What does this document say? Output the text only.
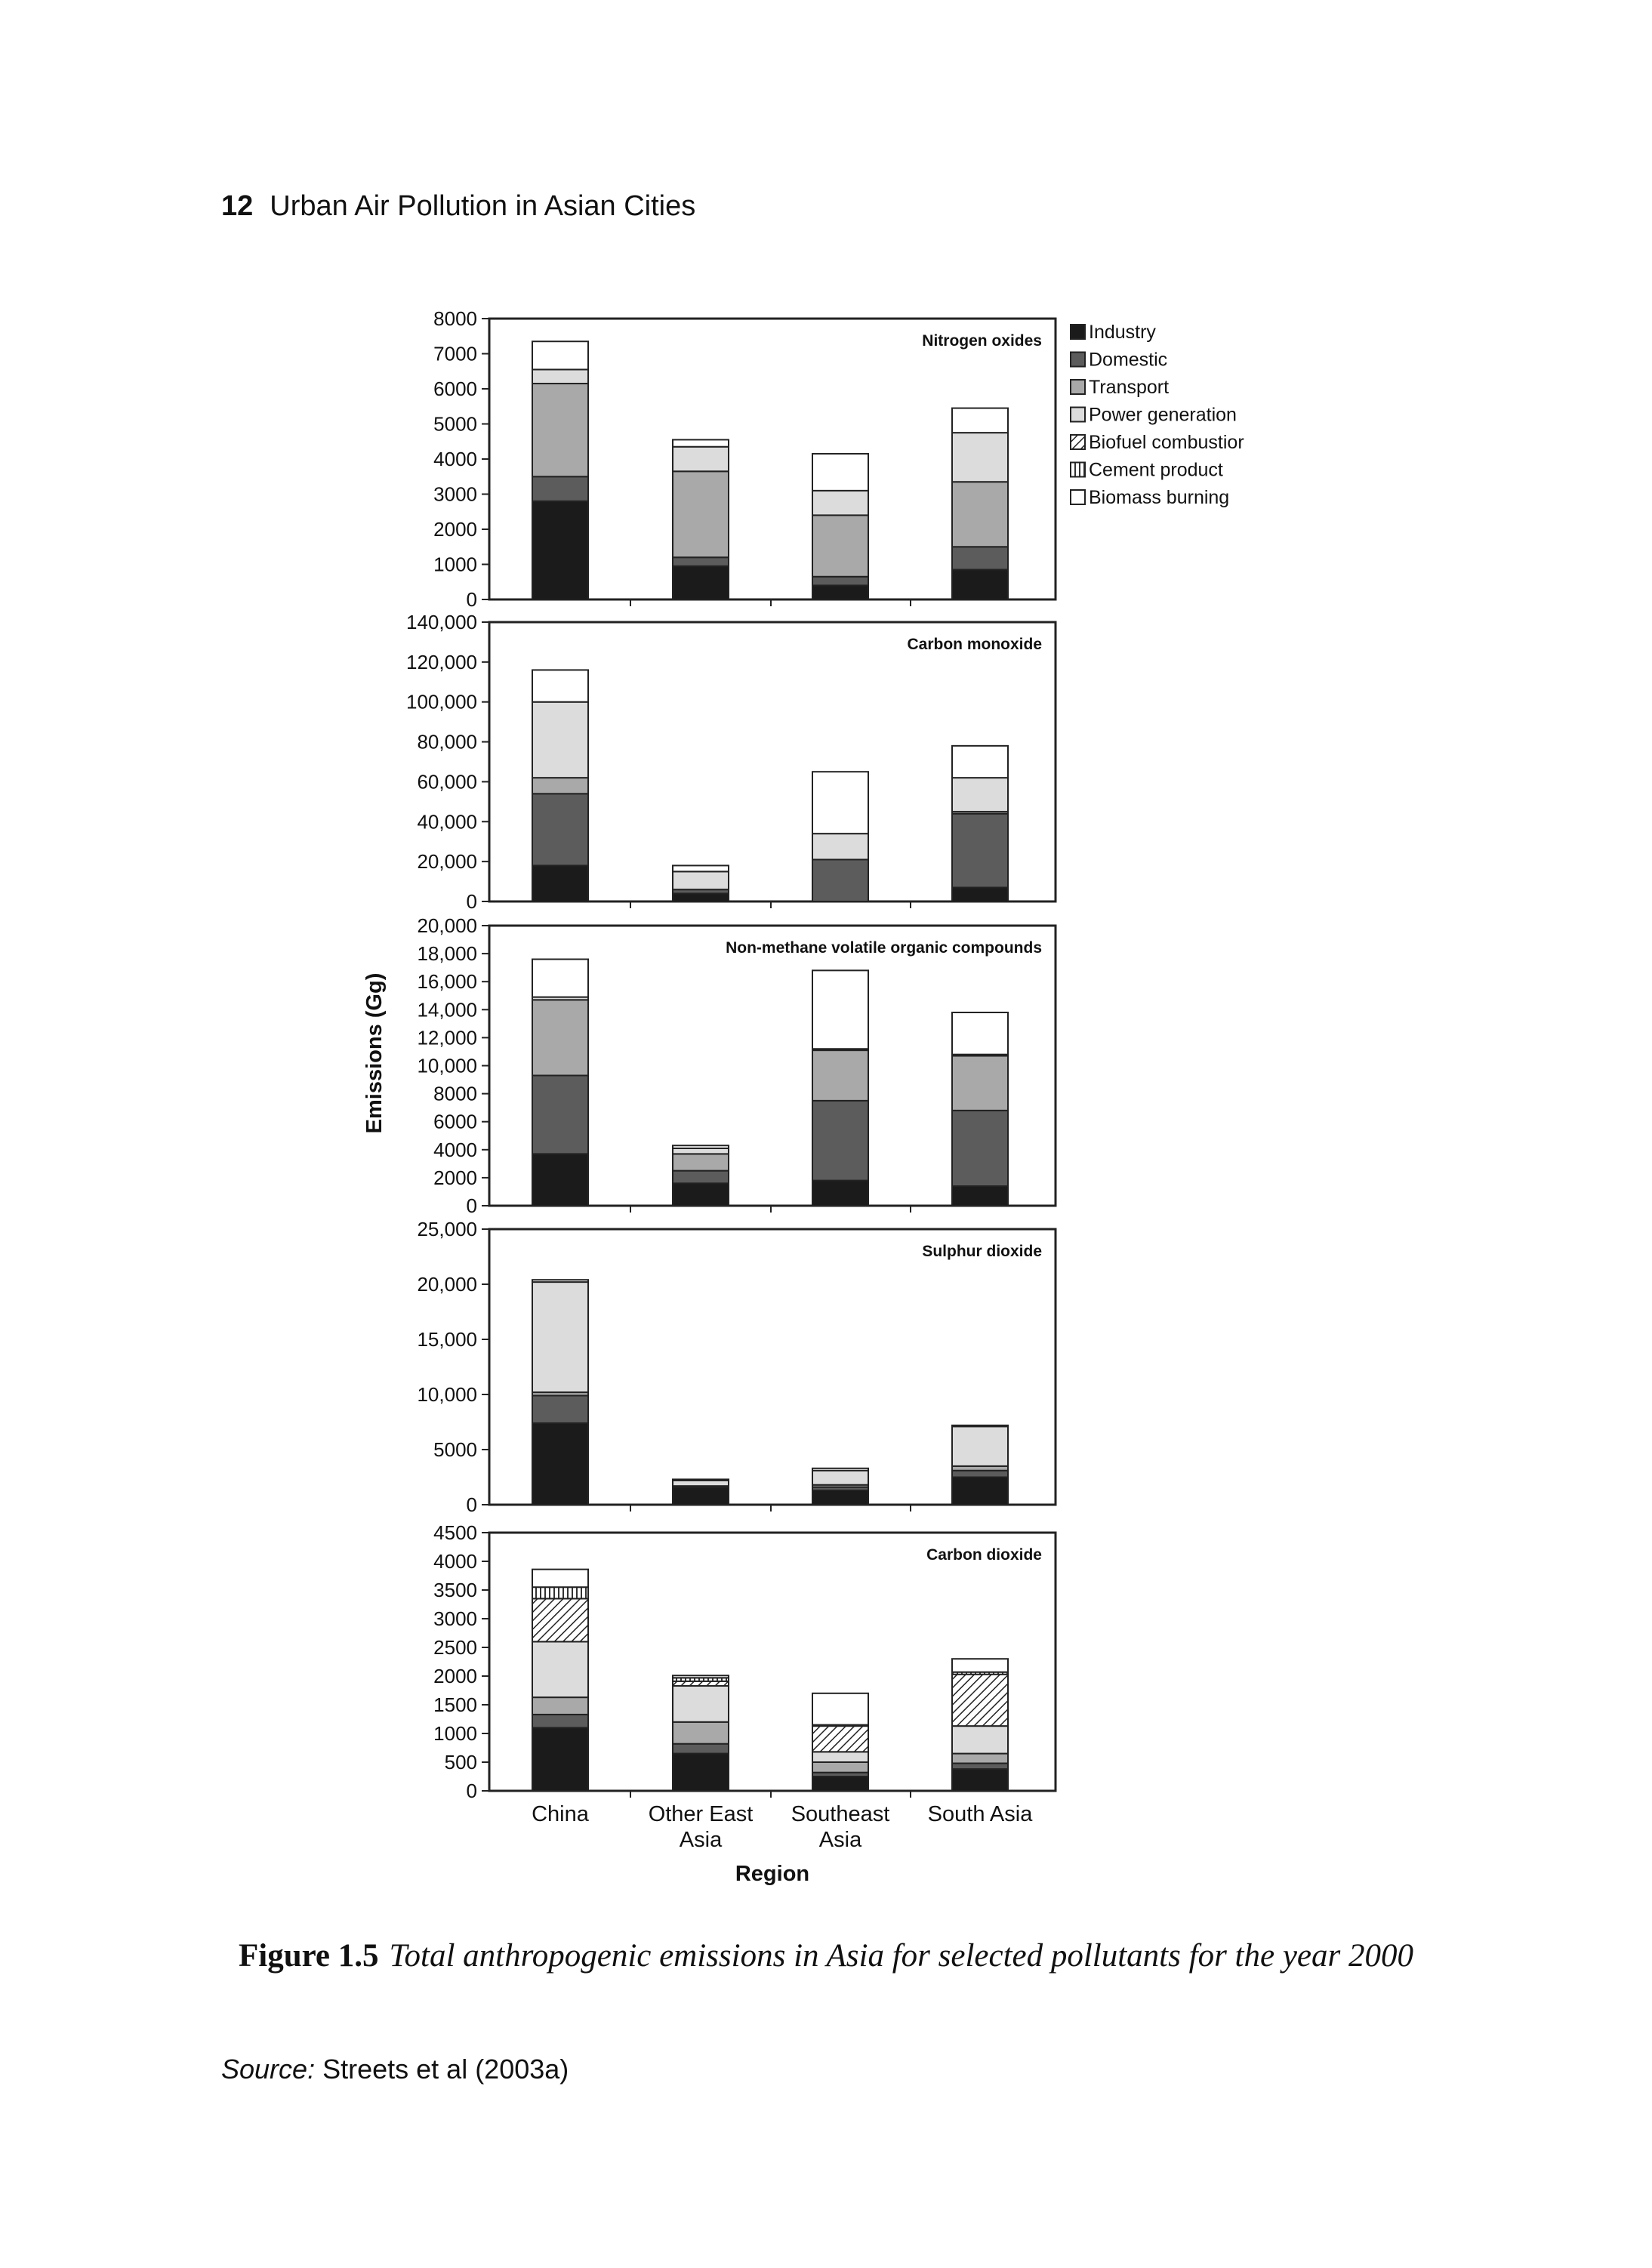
12 Urban Air Pollution in Asian Cities
0
1000
2000
3000
4000
5000
6000
7000
8000
Nitrogen oxides
0
20,000
40,000
60,000
80,000
100,000
120,000
140,000
Carbon monoxide
0
2000
4000
6000
8000
10,000
12,000
14,000
16,000
18,000
20,000
Non-methane volatile organic compounds
0
5000
10,000
15,000
20,000
25,000
Sulphur dioxide
0
500
1000
1500
2000
2500
3000
3500
4000
4500
Carbon dioxide
Industry
Domestic
Transport
Power generation
Biofuel combustior
Cement product
Biomass burning
China	Other East
Asia
Southeast
Asia
South Asia
Region
Emissions (Gg)
Figure 1.5 Total anthropogenic emissions in Asia for selected pollutants for the year 2000
Source: Streets et al (2003a)
